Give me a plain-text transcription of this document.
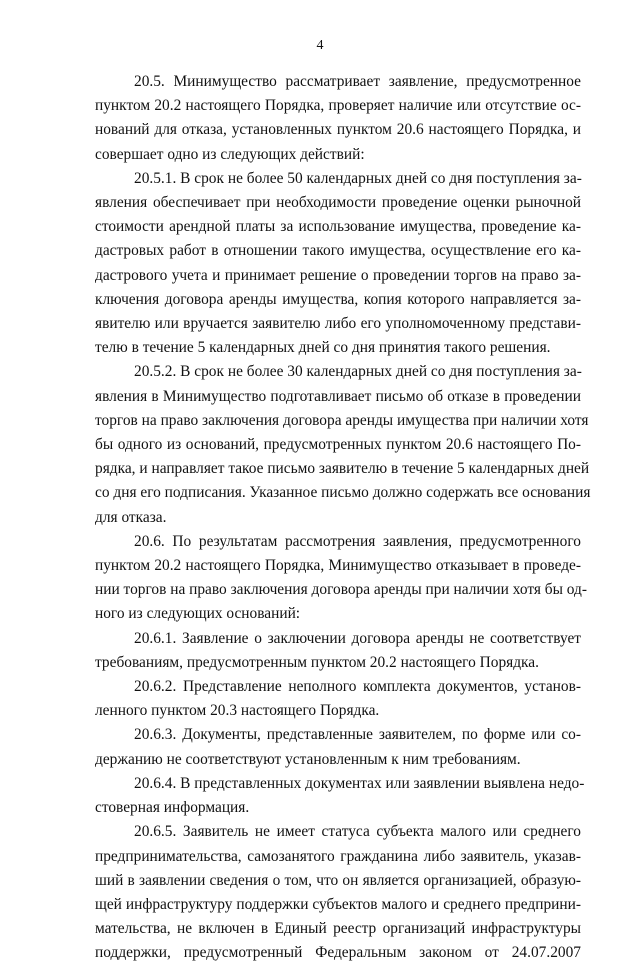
4
20.5. Минимущество рассматривает заявление, предусмотренное
пунктом 20.2 настоящего Порядка, проверяет наличие или отсутствие ос-
нований для отказа, установленных пунктом 20.6 настоящего Порядка, и
совершает одно из следующих действий:
20.5.1. В срок не более 50 календарных дней со дня поступления за-
явления обеспечивает при необходимости проведение оценки рыночной
стоимости арендной платы за использование имущества, проведение ка-
дастровых работ в отношении такого имущества, осуществление его ка-
дастрового учета и принимает решение о проведении торгов на право за-
ключения договора аренды имущества, копия которого направляется за-
явителю или вручается заявителю либо его уполномоченному представи-
телю в течение 5 календарных дней со дня принятия такого решения.
20.5.2. В срок не более 30 календарных дней со дня поступления за-
явления в Минимущество подготавливает письмо об отказе в проведении
торгов на право заключения договора аренды имущества при наличии хотя
бы одного из оснований, предусмотренных пунктом 20.6 настоящего По-
рядка, и направляет такое письмо заявителю в течение 5 календарных дней
со дня его подписания. Указанное письмо должно содержать все основания
для отказа.
20.6. По результатам рассмотрения заявления, предусмотренного
пунктом 20.2 настоящего Порядка, Минимущество отказывает в проведе-
нии торгов на право заключения договора аренды при наличии хотя бы од-
ного из следующих оснований:
20.6.1. Заявление о заключении договора аренды не соответствует
требованиям, предусмотренным пунктом 20.2 настоящего Порядка.
20.6.2. Представление неполного комплекта документов, установ-
ленного пунктом 20.3 настоящего Порядка.
20.6.3. Документы, представленные заявителем, по форме или со-
держанию не соответствуют установленным к ним требованиям.
20.6.4. В представленных документах или заявлении выявлена недо-
стоверная информация.
20.6.5. Заявитель не имеет статуса субъекта малого или среднего
предпринимательства, самозанятого гражданина либо заявитель, указав-
ший в заявлении сведения о том, что он является организацией, образую-
щей инфраструктуру поддержки субъектов малого и среднего предприни-
мательства, не включен в Единый реестр организаций инфраструктуры
поддержки, предусмотренный Федеральным законом от 24.07.2007
